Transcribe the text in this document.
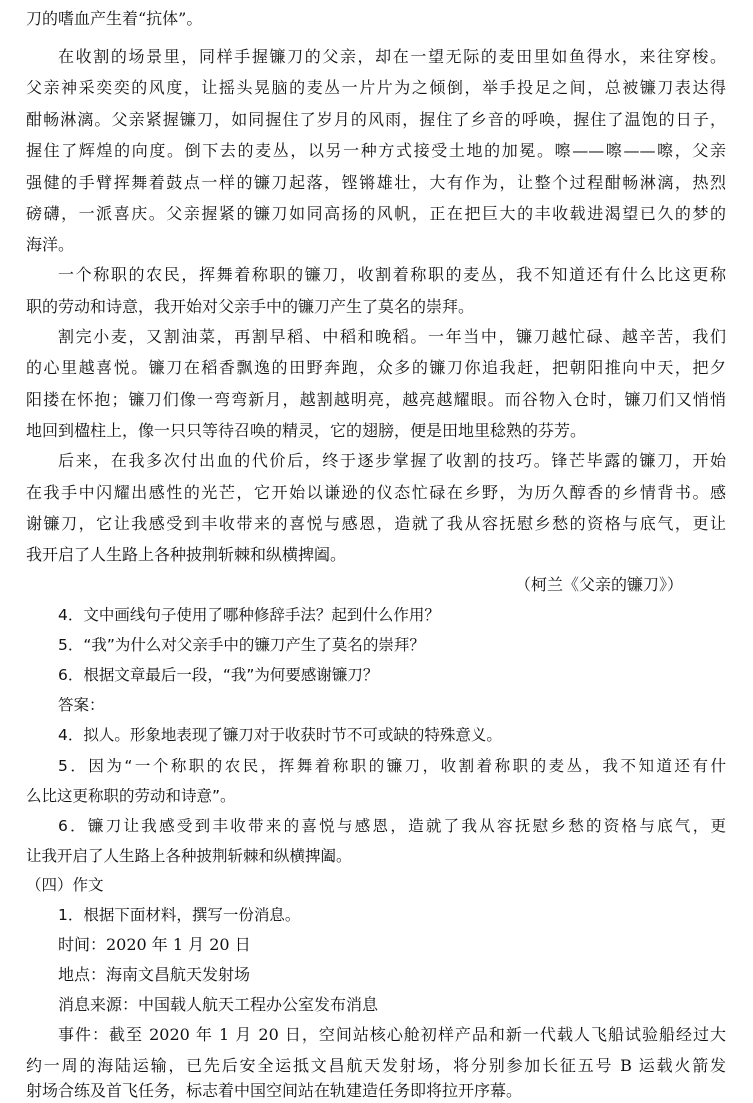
刀的嗜血产生着“抗体”。
在收割的场景里，同样手握镰刀的父亲，却在一望无际的麦田里如鱼得水，来往穿梭。
父亲神采奕奕的风度，让摇头晃脑的麦丛一片片为之倾倒，举手投足之间，总被镰刀表达得
酣畅淋漓。父亲紧握镰刀，如同握住了岁月的风雨，握住了乡音的呼唤，握住了温饱的日子，
握住了辉煌的向度。倒下去的麦丛，以另一种方式接受土地的加冕。嚓——嚓——嚓，父亲
强健的手臂挥舞着鼓点一样的镰刀起落，铿锵雄壮，大有作为，让整个过程酣畅淋漓，热烈
磅礴，一派喜庆。父亲握紧的镰刀如同高扬的风帆，正在把巨大的丰收载进渴望已久的梦的
海洋。
一个称职的农民，挥舞着称职的镰刀，收割着称职的麦丛，我不知道还有什么比这更称
职的劳动和诗意，我开始对父亲手中的镰刀产生了莫名的崇拜。
割完小麦，又割油菜，再割早稻、中稻和晚稻。一年当中，镰刀越忙碌、越辛苦，我们
的心里越喜悦。镰刀在稻香飘逸的田野奔跑，众多的镰刀你追我赶，把朝阳推向中天，把夕
阳搂在怀抱；镰刀们像一弯弯新月，越割越明亮，越亮越耀眼。而谷物入仓时，镰刀们又悄悄
地回到楹柱上，像一只只等待召唤的精灵，它的翅膀，便是田地里稔熟的芬芳。
后来，在我多次付出血的代价后，终于逐步掌握了收割的技巧。锋芒毕露的镰刀，开始
在我手中闪耀出感性的光芒，它开始以谦逊的仪态忙碌在乡野，为历久醇香的乡情背书。感
谢镰刀，它让我感受到丰收带来的喜悦与感恩，造就了我从容抚慰乡愁的资格与底气，更让
我开启了人生路上各种披荆斩棘和纵横捭阖。
（柯兰《父亲的镰刀》）
4．文中画线句子使用了哪种修辞手法？起到什么作用？
5．“我”为什么对父亲手中的镰刀产生了莫名的崇拜？
6．根据文章最后一段，“我”为何要感谢镰刀？
答案：
4．拟人。形象地表现了镰刀对于收获时节不可或缺的特殊意义。
5．因为“一个称职的农民，挥舞着称职的镰刀，收割着称职的麦丛，我不知道还有什
么比这更称职的劳动和诗意”。
6．镰刀让我感受到丰收带来的喜悦与感恩，造就了我从容抚慰乡愁的资格与底气，更
让我开启了人生路上各种披荆斩棘和纵横捭阖。
（四）作文
1．根据下面材料，撰写一份消息。
时间：2020 年 1 月 20 日
地点：海南文昌航天发射场
消息来源：中国载人航天工程办公室发布消息
事件：截至 2020 年 1 月 20 日，空间站核心舱初样产品和新一代载人飞船试验船经过大
约一周的海陆运输，已先后安全运抵文昌航天发射场，将分别参加长征五号 B 运载火箭发
射场合练及首飞任务，标志着中国空间站在轨建造任务即将拉开序幕。
